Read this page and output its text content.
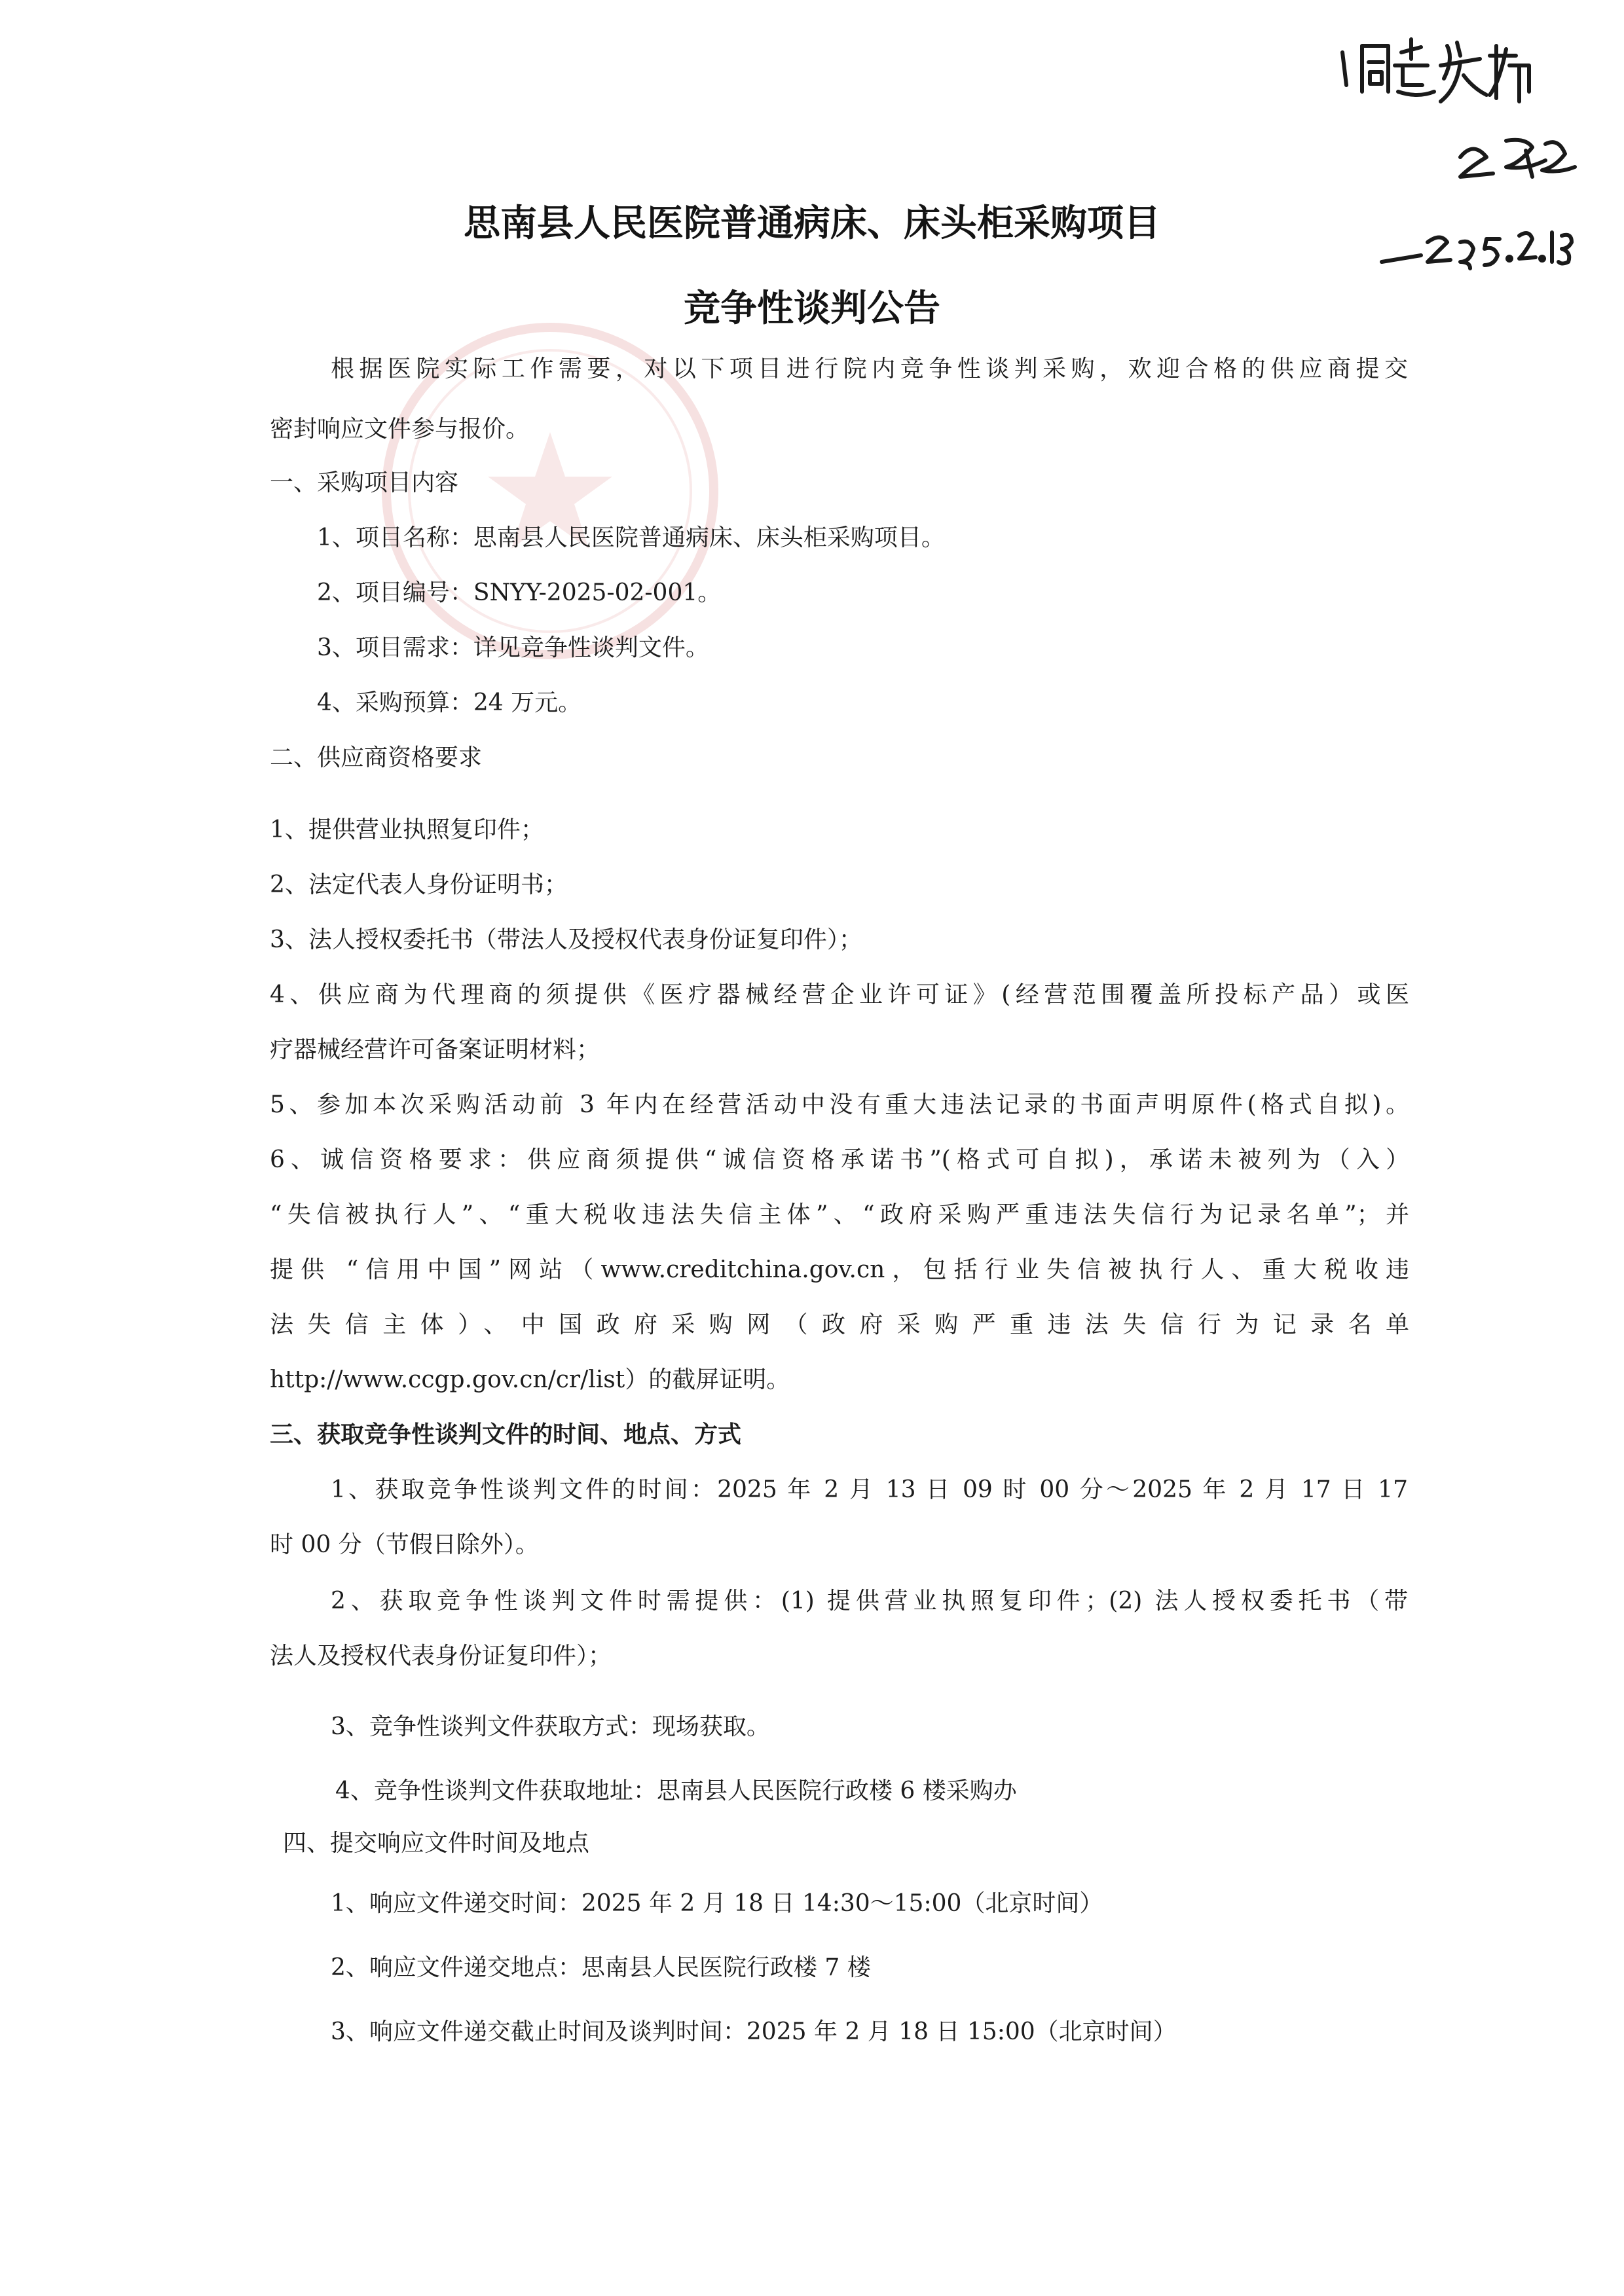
思南县人民医院普通病床、床头柜采购项目
竞争性谈判公告
根据医院实际工作需要，对以下项目进行院内竞争性谈判采购，欢迎合格的供应商提交
密封响应文件参与报价。
一、采购项目内容
1、项目名称：思南县人民医院普通病床、床头柜采购项目。
2、项目编号：SNYY-2025-02-001。
3、项目需求：详见竞争性谈判文件。
4、采购预算：24 万元。
二、供应商资格要求
1、提供营业执照复印件；
2、法定代表人身份证明书；
3、法人授权委托书（带法人及授权代表身份证复印件）；
4、供应商为代理商的须提供《医疗器械经营企业许可证》(经营范围覆盖所投标产品）或医
疗器械经营许可备案证明材料；
5、参加本次采购活动前 3 年内在经营活动中没有重大违法记录的书面声明原件(格式自拟)。
6、诚信资格要求：供应商须提供“诚信资格承诺书”(格式可自拟)，承诺未被列为（入）
“失信被执行人”、“重大税收违法失信主体”、“政府采购严重违法失信行为记录名单”；并
提供 “信用中国”网站（www.creditchina.gov.cn，包括行业失信被执行人、重大税收违
法失信主体）、中国政府采购网（政府采购严重违法失信行为记录名单
http://www.ccgp.gov.cn/cr/list）的截屏证明。
三、获取竞争性谈判文件的时间、地点、方式
1、获取竞争性谈判文件的时间：2025 年 2 月 13 日 09 时 00 分～2025 年 2 月 17 日 17
时 00 分（节假日除外）。
2、获取竞争性谈判文件时需提供：(1) 提供营业执照复印件；(2) 法人授权委托书（带
法人及授权代表身份证复印件）；
3、竞争性谈判文件获取方式：现场获取。
4、竞争性谈判文件获取地址：思南县人民医院行政楼 6 楼采购办
四、提交响应文件时间及地点
1、响应文件递交时间：2025 年 2 月 18 日 14:30～15:00（北京时间）
2、响应文件递交地点：思南县人民医院行政楼 7 楼
3、响应文件递交截止时间及谈判时间：2025 年 2 月 18 日 15:00（北京时间）
